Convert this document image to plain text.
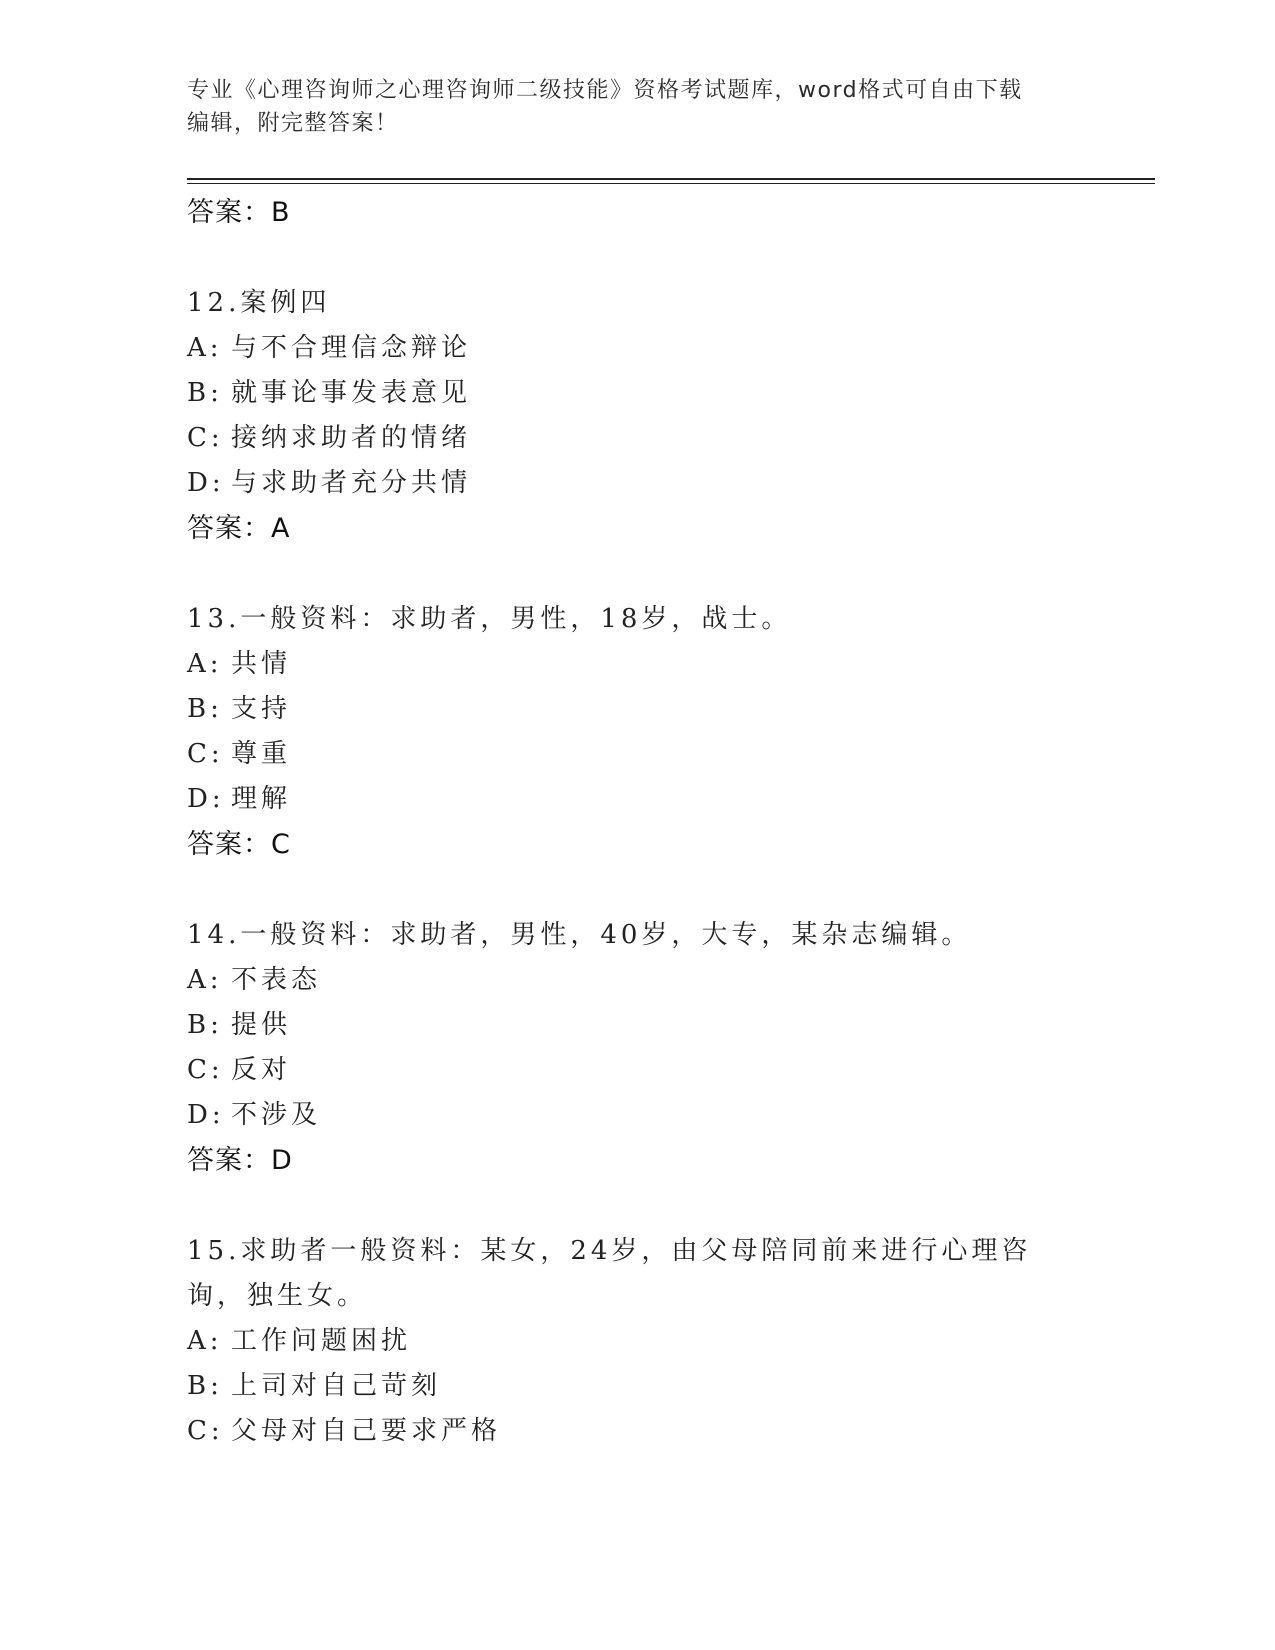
专业《心理咨询师之心理咨询师二级技能》资格考试题库，word格式可自由下载
编辑，附完整答案！
答案：B
12.案例四
A: 与不合理信念辩论
B: 就事论事发表意见
C: 接纳求助者的情绪
D: 与求助者充分共情
答案：A
13.一般资料：求助者，男性，18岁，战士。
A: 共情
B: 支持
C: 尊重
D: 理解
答案：C
14.一般资料：求助者，男性，40岁，大专，某杂志编辑。
A: 不表态
B: 提供
C: 反对
D: 不涉及
答案：D
15.求助者一般资料：某女，24岁，由父母陪同前来进行心理咨询，独生女。
A: 工作问题困扰
B: 上司对自己苛刻
C: 父母对自己要求严格
